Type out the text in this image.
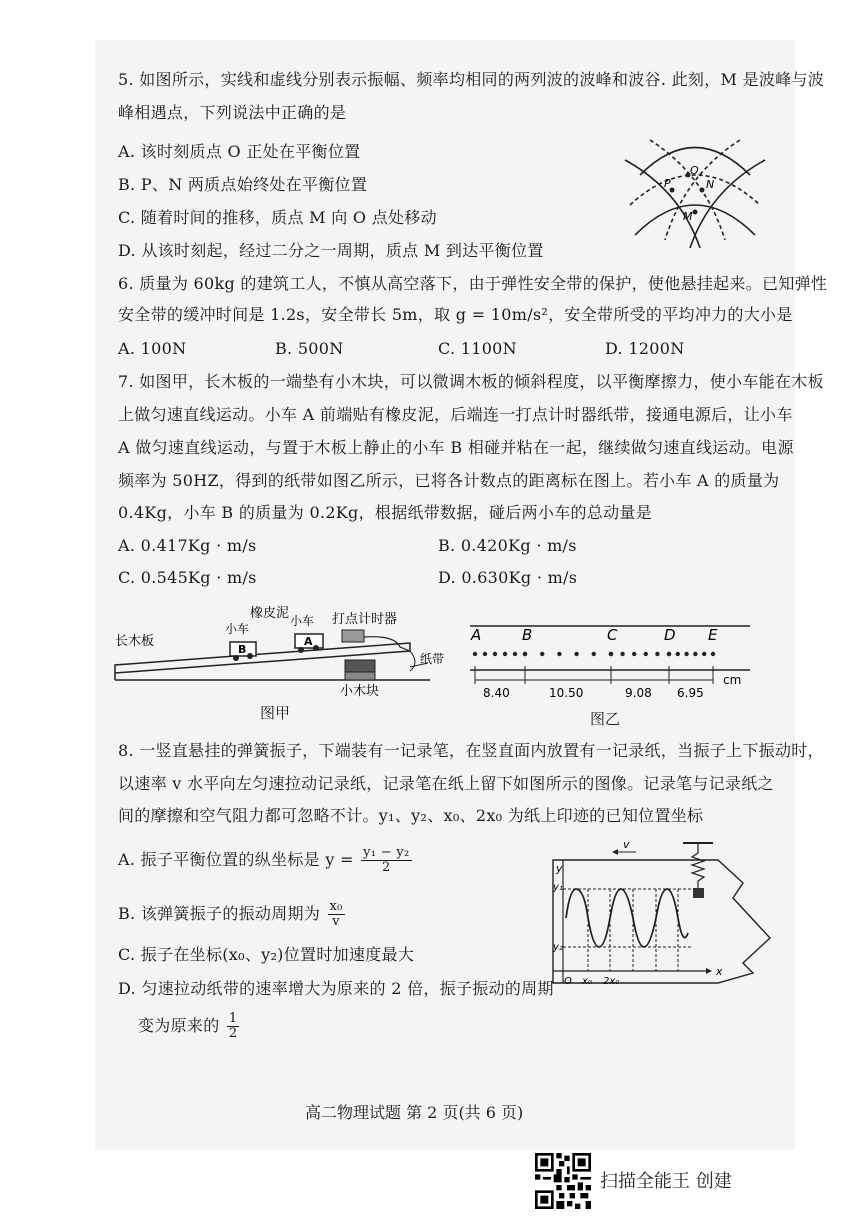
5. 如图所示，实线和虚线分别表示振幅、频率均相同的两列波的波峰和波谷. 此刻，M 是波峰与波
峰相遇点，下列说法中正确的是
A. 该时刻质点 O 正处在平衡位置
B. P、N 两质点始终处在平衡位置
C. 随着时间的推移，质点 M 向 O 点处移动
D. 从该时刻起，经过二分之一周期，质点 M 到达平衡位置
O
P	N
M
6. 质量为 60kg 的建筑工人，不慎从高空落下，由于弹性安全带的保护，使他悬挂起来。已知弹性
安全带的缓冲时间是 1.2s，安全带长 5m，取 g = 10m/s²，安全带所受的平均冲力的大小是
A. 100N	B. 500N	C. 1100N	D. 1200N
7. 如图甲，长木板的一端垫有小木块，可以微调木板的倾斜程度，以平衡摩擦力，使小车能在木板
上做匀速直线运动。小车 A 前端贴有橡皮泥，后端连一打点计时器纸带，接通电源后，让小车
A 做匀速直线运动，与置于木板上静止的小车 B 相碰并粘在一起，继续做匀速直线运动。电源
频率为 50HZ，得到的纸带如图乙所示，已将各计数点的距离标在图上。若小车 A 的质量为
0.4Kg，小车 B 的质量为 0.2Kg，根据纸带数据，碰后两小车的总动量是
A. 0.417Kg · m/s	B. 0.420Kg · m/s
C. 0.545Kg · m/s	D. 0.630Kg · m/s
B
A
长木板
小车
小车
橡皮泥	打点计时器
纸带
小木块
图甲
A	B	C	D E
8.40	10.50	9.08 6.95
cm
图乙
8. 一竖直悬挂的弹簧振子，下端装有一记录笔，在竖直面内放置有一记录纸，当振子上下振动时，
以速率 v 水平向左匀速拉动记录纸，记录笔在纸上留下如图所示的图像。记录笔与记录纸之
间的摩擦和空气阻力都可忽略不计。y₁、y₂、x₀、2x₀ 为纸上印迹的已知位置坐标
A. 振子平衡位置的纵坐标是 $y = \frac{\text{y₁ − y₂}}{2}$
B. 该弹簧振子的振动周期为 $\frac{\text{x₀}}{v}$
C. 振子在坐标(x₀、y₂)位置时加速度最大
D. 匀速拉动纸带的速率增大为原来的 2 倍，振子振动的周期
变为原来的 $\frac{1}{2}$
v
y
y₁
y₂
O x₀ 2x₀
x
高二物理试题 第 2 页(共 6 页)
扫描全能王 创建
